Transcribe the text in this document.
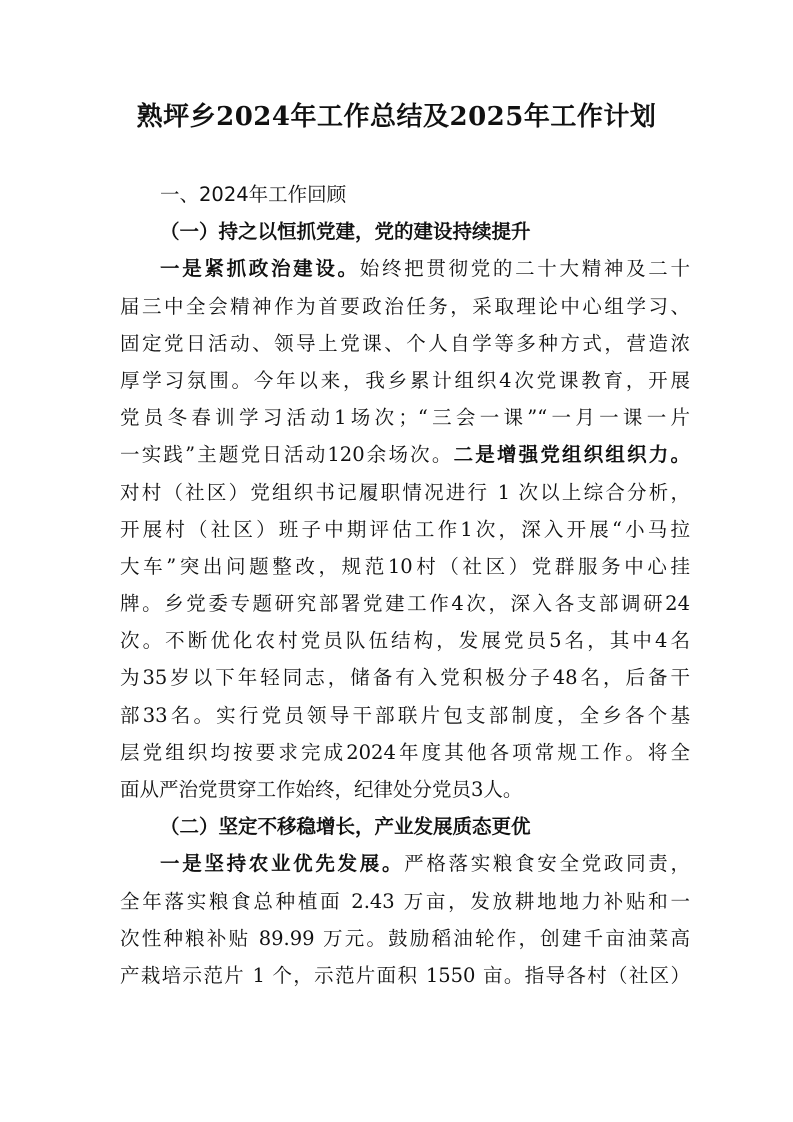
熟坪乡2024年工作总结及2025年工作计划
一、2024年工作回顾
（一）持之以恒抓党建，党的建设持续提升
一是紧抓政治建设。始终把贯彻党的二十大精神及二十
届三中全会精神作为首要政治任务，采取理论中心组学习、
固定党日活动、领导上党课、个人自学等多种方式，营造浓
厚学习氛围。今年以来，我乡累计组织4次党课教育，开展
党员冬春训学习活动1场次；“三会一课”“一月一课一片
一实践”主题党日活动120余场次。二是增强党组织组织力。
对村（社区）党组织书记履职情况进行 1 次以上综合分析，
开展村（社区）班子中期评估工作1次，深入开展“小马拉
大车”突出问题整改，规范10村（社区）党群服务中心挂
牌。乡党委专题研究部署党建工作4次，深入各支部调研24
次。不断优化农村党员队伍结构，发展党员5名，其中4名
为35岁以下年轻同志，储备有入党积极分子48名，后备干
部33名。实行党员领导干部联片包支部制度，全乡各个基
层党组织均按要求完成2024年度其他各项常规工作。将全
面从严治党贯穿工作始终，纪律处分党员3人。
（二）坚定不移稳增长，产业发展质态更优
一是坚持农业优先发展。严格落实粮食安全党政同责，
全年落实粮食总种植面 2.43 万亩，发放耕地地力补贴和一
次性种粮补贴 89.99 万元。鼓励稻油轮作，创建千亩油菜高
产栽培示范片 1 个，示范片面积 1550 亩。指导各村（社区）
